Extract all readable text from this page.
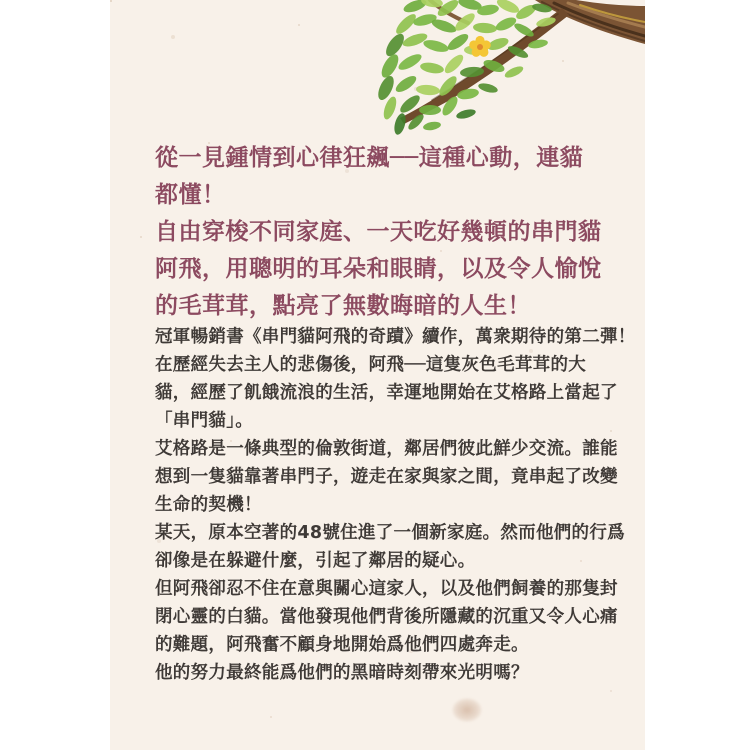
從一見鍾情到心律狂飆──這種心動，連貓
都懂！
自由穿梭不同家庭、一天吃好幾頓的串門貓
阿飛，用聰明的耳朵和眼睛，以及令人愉悅
的毛茸茸，點亮了無數晦暗的人生！
冠軍暢銷書《串門貓阿飛的奇蹟》續作，萬衆期待的第二彈！
在歷經失去主人的悲傷後，阿飛──這隻灰色毛茸茸的大
貓，經歷了飢餓流浪的生活，幸運地開始在艾格路上當起了
「串門貓」。
艾格路是一條典型的倫敦街道，鄰居們彼此鮮少交流。誰能
想到一隻貓靠著串門子，遊走在家與家之間，竟串起了改變
生命的契機！
某天，原本空著的48號住進了一個新家庭。然而他們的行爲
卻像是在躲避什麼，引起了鄰居的疑心。
但阿飛卻忍不住在意與關心這家人，以及他們飼養的那隻封
閉心靈的白貓。當他發現他們背後所隱藏的沉重又令人心痛
的難題，阿飛奮不顧身地開始爲他們四處奔走。
他的努力最終能爲他們的黑暗時刻帶來光明嗎？
